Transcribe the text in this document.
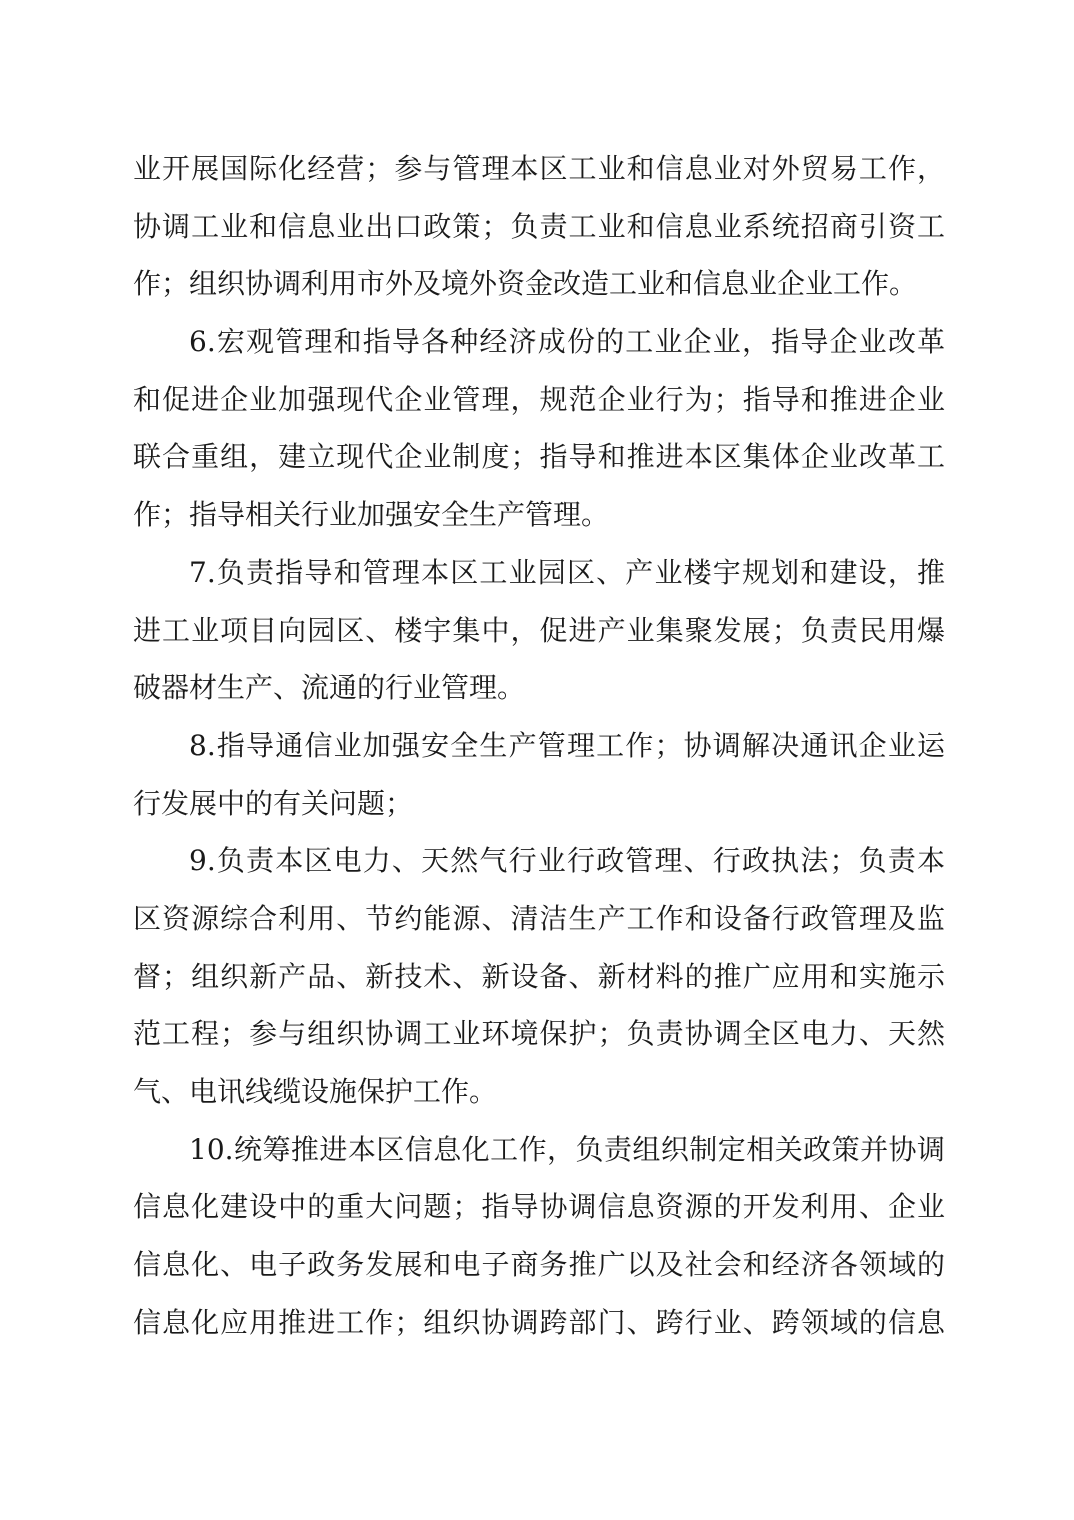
业开展国际化经营；参与管理本区工业和信息业对外贸易工作，
协调工业和信息业出口政策；负责工业和信息业系统招商引资工
作；组织协调利用市外及境外资金改造工业和信息业企业工作。
6.宏观管理和指导各种经济成份的工业企业，指导企业改革
和促进企业加强现代企业管理，规范企业行为；指导和推进企业
联合重组，建立现代企业制度；指导和推进本区集体企业改革工
作；指导相关行业加强安全生产管理。
7.负责指导和管理本区工业园区、产业楼宇规划和建设，推
进工业项目向园区、楼宇集中，促进产业集聚发展；负责民用爆
破器材生产、流通的行业管理。
8.指导通信业加强安全生产管理工作；协调解决通讯企业运
行发展中的有关问题；
9.负责本区电力、天然气行业行政管理、行政执法；负责本
区资源综合利用、节约能源、清洁生产工作和设备行政管理及监
督；组织新产品、新技术、新设备、新材料的推广应用和实施示
范工程；参与组织协调工业环境保护；负责协调全区电力、天然
气、电讯线缆设施保护工作。
10.统筹推进本区信息化工作，负责组织制定相关政策并协调
信息化建设中的重大问题；指导协调信息资源的开发利用、企业
信息化、电子政务发展和电子商务推广以及社会和经济各领域的
信息化应用推进工作；组织协调跨部门、跨行业、跨领域的信息
